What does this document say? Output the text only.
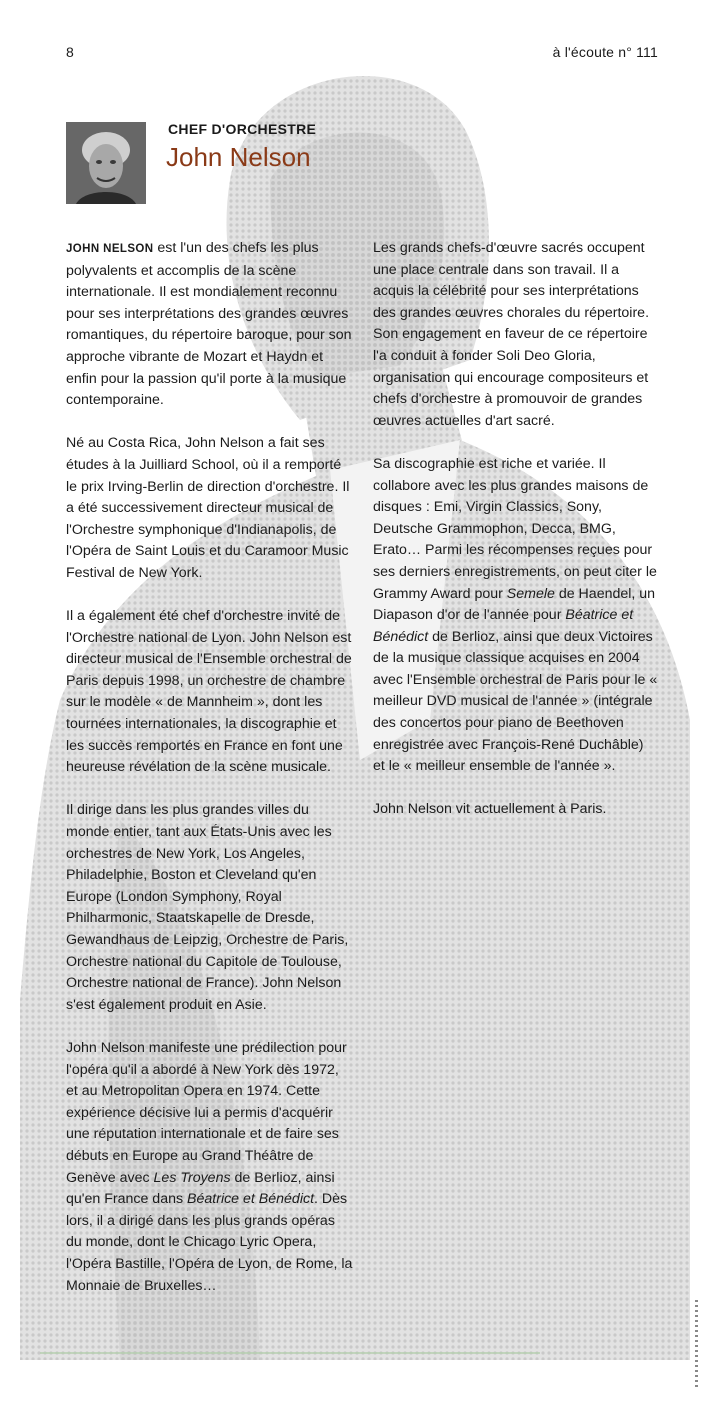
8	à l'écoute n° 111
CHEF D'ORCHESTRE
John Nelson

JOHN NELSON est l'un des chefs les plus polyvalents et accomplis de la scène internationale. Il est mondialement reconnu pour ses interprétations des grandes œuvres romantiques, du répertoire baroque, pour son approche vibrante de Mozart et Haydn et enfin pour la passion qu'il porte à la musique contemporaine.

Né au Costa Rica, John Nelson a fait ses études à la Juilliard School, où il a remporté le prix Irving-Berlin de direction d'orchestre. Il a été successivement directeur musical de l'Orchestre symphonique d'Indianapolis, de l'Opéra de Saint Louis et du Caramoor Music Festival de New York.

Il a également été chef d'orchestre invité de l'Orchestre national de Lyon. John Nelson est directeur musical de l'Ensemble orchestral de Paris depuis 1998, un orchestre de chambre sur le modèle « de Mannheim », dont les tournées internationales, la discographie et les succès remportés en France en font une heureuse révélation de la scène musicale.

Il dirige dans les plus grandes villes du monde entier, tant aux États-Unis avec les orchestres de New York, Los Angeles, Philadelphie, Boston et Cleveland qu'en Europe (London Symphony, Royal Philharmonic, Staatskapelle de Dresde, Gewandhaus de Leipzig, Orchestre de Paris, Orchestre national du Capitole de Toulouse, Orchestre national de France). John Nelson s'est également produit en Asie.

John Nelson manifeste une prédilection pour l'opéra qu'il a abordé à New York dès 1972, et au Metropolitan Opera en 1974. Cette expérience décisive lui a permis d'acquérir une réputation internationale et de faire ses débuts en Europe au Grand Théâtre de Genève avec Les Troyens de Berlioz, ainsi qu'en France dans Béatrice et Bénédict. Dès lors, il a dirigé dans les plus grands opéras du monde, dont le Chicago Lyric Opera, l'Opéra Bastille, l'Opéra de Lyon, de Rome, la Monnaie de Bruxelles…

Les grands chefs-d'œuvre sacrés occupent une place centrale dans son travail. Il a acquis la célébrité pour ses interprétations des grandes œuvres chorales du répertoire. Son engagement en faveur de ce répertoire l'a conduit à fonder Soli Deo Gloria, organisation qui encourage compositeurs et chefs d'orchestre à promouvoir de grandes œuvres actuelles d'art sacré.

Sa discographie est riche et variée. Il collabore avec les plus grandes maisons de disques : Emi, Virgin Classics, Sony, Deutsche Grammophon, Decca, BMG, Erato… Parmi les récompenses reçues pour ses derniers enregistrements, on peut citer le Grammy Award pour Semele de Haendel, un Diapason d'or de l'année pour Béatrice et Bénédict de Berlioz, ainsi que deux Victoires de la musique classique acquises en 2004 avec l'Ensemble orchestral de Paris pour le « meilleur DVD musical de l'année » (intégrale des concertos pour piano de Beethoven enregistrée avec François-René Duchâble) et le « meilleur ensemble de l'année ».

John Nelson vit actuellement à Paris.
